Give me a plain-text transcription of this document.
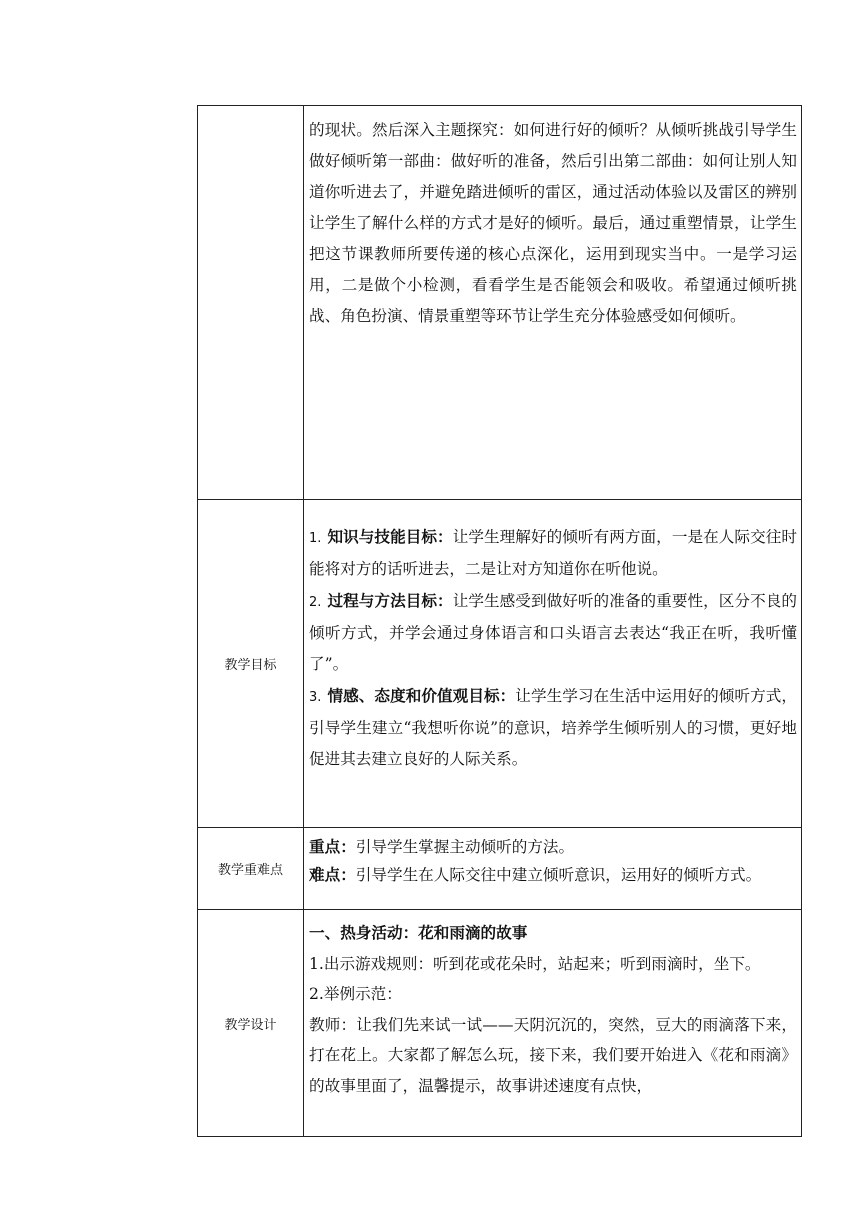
	的现状。然后深入主题探究：如何进行好的倾听？从倾听挑战引导学生做好倾听第一部曲：做好听的准备，然后引出第二部曲：如何让别人知道你听进去了，并避免踏进倾听的雷区，通过活动体验以及雷区的辨别让学生了解什么样的方式才是好的倾听。最后，通过重塑情景，让学生把这节课教师所要传递的核心点深化，运用到现实当中。一是学习运用，二是做个小检测，看看学生是否能领会和吸收。希望通过倾听挑战、角色扮演、情景重塑等环节让学生充分体验感受如何倾听。

教学目标	1. 知识与技能目标：让学生理解好的倾听有两方面，一是在人际交往时能将对方的话听进去，二是让对方知道你在听他说。

2. 过程与方法目标：让学生感受到做好听的准备的重要性，区分不良的倾听方式，并学会通过身体语言和口头语言去表达“我正在听，我听懂了”。

3. 情感、态度和价值观目标：让学生学习在生活中运用好的倾听方式，引导学生建立“我想听你说”的意识，培养学生倾听别人的习惯，更好地促进其去建立良好的人际关系。

教学重难点	重点：引导学生掌握主动倾听的方法。

难点：引导学生在人际交往中建立倾听意识，运用好的倾听方式。

教学设计	一、热身活动：花和雨滴的故事

1.出示游戏规则：听到花或花朵时，站起来；听到雨滴时，坐下。

2.举例示范：

教师：让我们先来试一试——天阴沉沉的，突然，豆大的雨滴落下来，打在花上。大家都了解怎么玩，接下来，我们要开始进入《花和雨滴》的故事里面了，温馨提示，故事讲述速度有点快，
